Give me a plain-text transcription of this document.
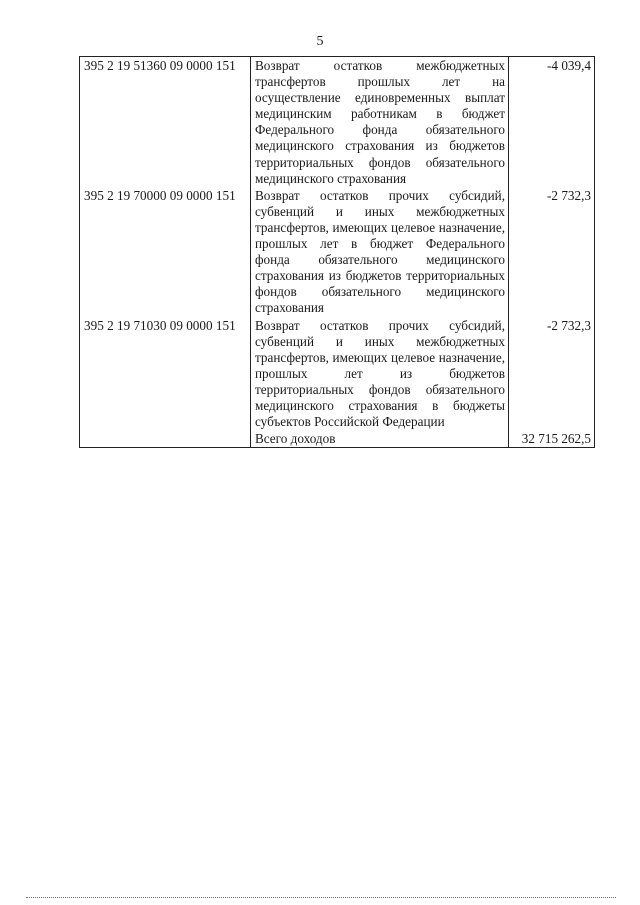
5
395 2 19 51360 09 0000 151	Возврат остатков межбюджетных трансфертов прошлых лет на осуществление единовременных выплат медицинским работникам в бюджет Федерального фонда обязательного медицинского страхования из бюджетов территориальных фондов обязательного медицинского страхования	-4 039,4
395 2 19 70000 09 0000 151	Возврат остатков прочих субсидий, субвенций и иных межбюджетных трансфертов, имеющих целевое назначение, прошлых лет в бюджет Федерального фонда обязательного медицинского страхования из бюджетов территориальных фондов обязательного медицинского страхования	-2 732,3
395 2 19 71030 09 0000 151	Возврат остатков прочих субсидий, субвенций и иных межбюджетных трансфертов, имеющих целевое назначение, прошлых лет из бюджетов территориальных фондов обязательного медицинского страхования в бюджеты субъектов Российской Федерации	-2 732,3
	Всего доходов	32 715 262,5
